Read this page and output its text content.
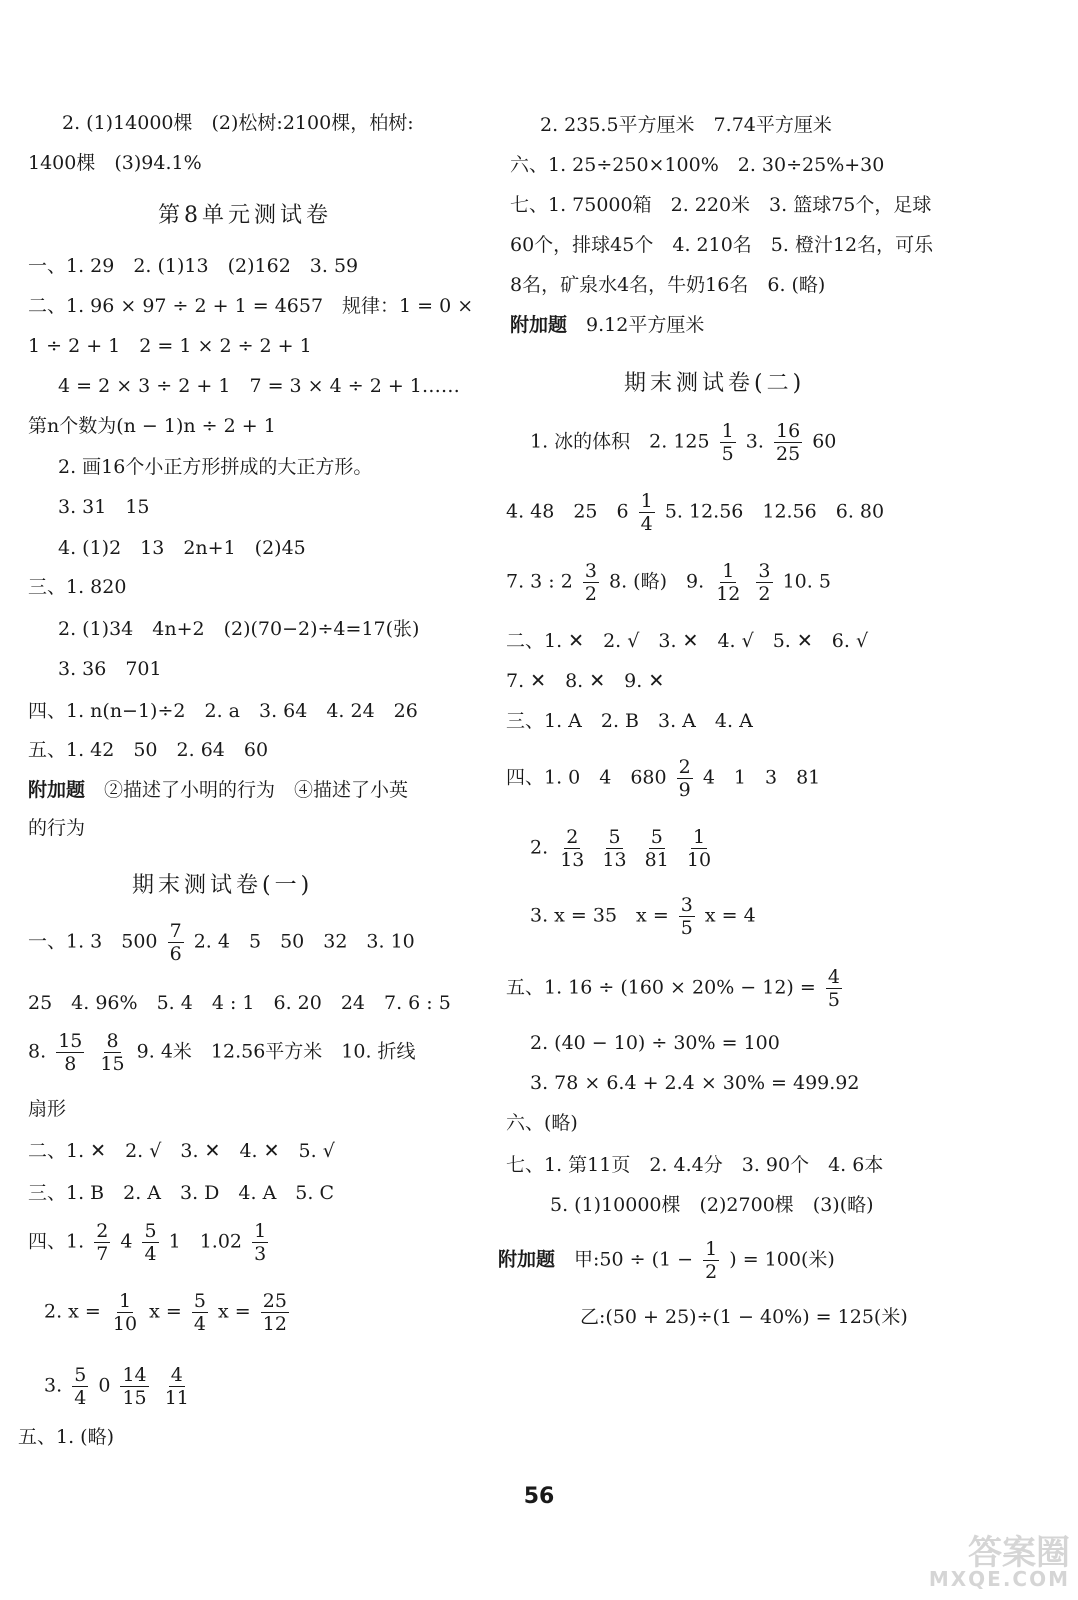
2. (1)14000棵　(2)松树:2100棵，柏树:
1400棵　(3)94.1%
第8单元测试卷
一、1. 29　2. (1)13　(2)162　3. 59
二、1. 96 × 97 ÷ 2 + 1 = 4657　规律：1 = 0 ×
1 ÷ 2 + 1　2 = 1 × 2 ÷ 2 + 1
4 = 2 × 3 ÷ 2 + 1　7 = 3 × 4 ÷ 2 + 1……
第n个数为(n − 1)n ÷ 2 + 1
2. 画16个小正方形拼成的大正方形。
3. 31　15
4. (1)2　13　2n+1　(2)45
三、1. 820
2. (1)34　4n+2　(2)(70−2)÷4=17(张)
3. 36　701
四、1. n(n−1)÷2　2. a　3. 64　4. 24　26
五、1. 42　50　2. 64　60
附加题　 ②描述了小明的行为　④描述了小英
的行为
期末测试卷(一)
一、1. 3　$500 \frac{7}{6} 2$. 4　5　50　32　3. 10
25　4. 96%　5. 4　4 : 1　6. 20　24　7. 6 : 5
8. $\frac{15}{8}$
$\frac{8}{15} 9$. 4米　12.56平方米　10. 折线
扇形
二、1. ✕　2. √　3. ✕　4. ✕　5. √
三、1. B　2. A　3. D　4. A　5. C
四、1. $\frac{2}{7} 4 \frac{5}{4} 1$　$1.02 \frac{1}{3}$
2. $x = \frac{1}{10}$ $x = \frac{5}{4}$ $x = \frac{25}{12}$
3. $\frac{5}{4} 0 \frac{14}{15}$
$\frac{4}{11}$
五、1. (略)
2. 235.5平方厘米　7.74平方厘米
六、1. 25÷250×100%　2. 30÷25%+30
七、1. 75000箱　2. 220米　3. 篮球75个，足球
60个，排球45个　4. 210名　5. 橙汁12名，可乐
8名，矿泉水4名，牛奶16名　6. (略)
附加题　 9.12平方厘米
期末测试卷(二)
1. 冰的体积　2. $125 \frac{1}{5} 3$. $\frac{16}{25} 60$
4. 48　25　$6 \frac{1}{4} 5$. 12.56　12.56　6. 80
7. 3 : $2 \frac{3}{2} 8$. (略)　9. $\frac{1}{12}$
$\frac{3}{2} 10$. 5
二、1. ✕　2. √　3. ✕　4. √　5. ✕　6. √
7. ✕　8. ✕　9. ✕
三、1. A　2. B　3. A　4. A
四、1. 0　4　$680 \frac{2}{9} 4$　1　3　81
2. $\frac{2}{13}$
$\frac{5}{13}$
$\frac{5}{81}$
$\frac{1}{10}$
3. x = 35　$x = \frac{3}{5}$ x = 4
五、1. $16 \div (160 \times 20\% - 12) = \frac{4}{5}$
2. (40 − 10) ÷ 30% = 100
3. 78 × 6.4 + 2.4 × 30% = 499.92
六、(略)
七、1. 第11页　2. 4.4分　3. 90个　4. 6本
5. (1)10000棵　(2)2700棵　(3)(略)
附加题　 甲:50 ÷ ($1 - \frac{1}{2}$ ) = 100(米)
乙:(50 + 25)÷(1 − 40%) = 125(米)
56
答案圈
MXQE.COM
